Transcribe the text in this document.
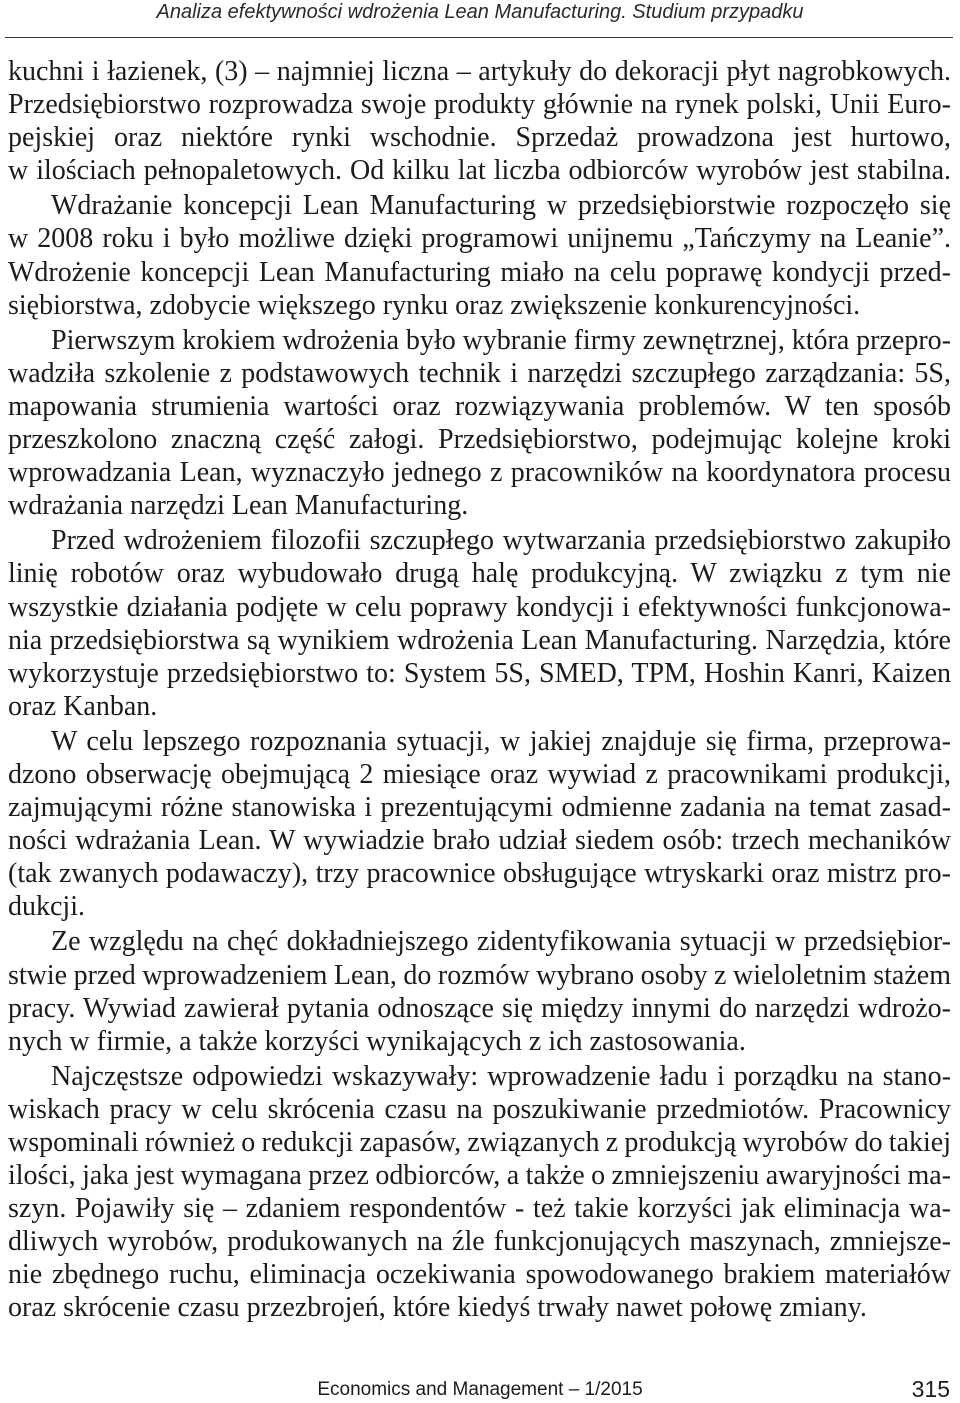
Analiza efektywności wdrożenia Lean Manufacturing. Studium przypadku
kuchni i łazienek, (3) – najmniej liczna – artykuły do dekoracji płyt nagrobkowych.
Przedsiębiorstwo rozprowadza swoje produkty głównie na rynek polski, Unii Euro-
pejskiej oraz niektóre rynki wschodnie. Sprzedaż prowadzona jest hurtowo,
w ilościach pełnopaletowych. Od kilku lat liczba odbiorców wyrobów jest stabilna.
Wdrażanie koncepcji Lean Manufacturing w przedsiębiorstwie rozpoczęło się
w 2008 roku i było możliwe dzięki programowi unijnemu „Tańczymy na Leanie”.
Wdrożenie koncepcji Lean Manufacturing miało na celu poprawę kondycji przed-
siębiorstwa, zdobycie większego rynku oraz zwiększenie konkurencyjności.
Pierwszym krokiem wdrożenia było wybranie firmy zewnętrznej, która przepro-
wadziła szkolenie z podstawowych technik i narzędzi szczupłego zarządzania: 5S,
mapowania strumienia wartości oraz rozwiązywania problemów. W ten sposób
przeszkolono znaczną część załogi. Przedsiębiorstwo, podejmując kolejne kroki
wprowadzania Lean, wyznaczyło jednego z pracowników na koordynatora procesu
wdrażania narzędzi Lean Manufacturing.
Przed wdrożeniem filozofii szczupłego wytwarzania przedsiębiorstwo zakupiło
linię robotów oraz wybudowało drugą halę produkcyjną. W związku z tym nie
wszystkie działania podjęte w celu poprawy kondycji i efektywności funkcjonowa-
nia przedsiębiorstwa są wynikiem wdrożenia Lean Manufacturing. Narzędzia, które
wykorzystuje przedsiębiorstwo to: System 5S, SMED, TPM, Hoshin Kanri, Kaizen
oraz Kanban.
W celu lepszego rozpoznania sytuacji, w jakiej znajduje się firma, przeprowa-
dzono obserwację obejmującą 2 miesiące oraz wywiad z pracownikami produkcji,
zajmującymi różne stanowiska i prezentującymi odmienne zadania na temat zasad-
ności wdrażania Lean. W wywiadzie brało udział siedem osób: trzech mechaników
(tak zwanych podawaczy), trzy pracownice obsługujące wtryskarki oraz mistrz pro-
dukcji.
Ze względu na chęć dokładniejszego zidentyfikowania sytuacji w przedsiębior-
stwie przed wprowadzeniem Lean, do rozmów wybrano osoby z wieloletnim stażem
pracy. Wywiad zawierał pytania odnoszące się między innymi do narzędzi wdrożo-
nych w firmie, a także korzyści wynikających z ich zastosowania.
Najczęstsze odpowiedzi wskazywały: wprowadzenie ładu i porządku na stano-
wiskach pracy w celu skrócenia czasu na poszukiwanie przedmiotów. Pracownicy
wspominali również o redukcji zapasów, związanych z produkcją wyrobów do takiej
ilości, jaka jest wymagana przez odbiorców, a także o zmniejszeniu awaryjności ma-
szyn. Pojawiły się – zdaniem respondentów - też takie korzyści jak eliminacja wa-
dliwych wyrobów, produkowanych na źle funkcjonujących maszynach, zmniejsze-
nie zbędnego ruchu, eliminacja oczekiwania spowodowanego brakiem materiałów
oraz skrócenie czasu przezbrojeń, które kiedyś trwały nawet połowę zmiany.
Economics and Management – 1/2015	315
